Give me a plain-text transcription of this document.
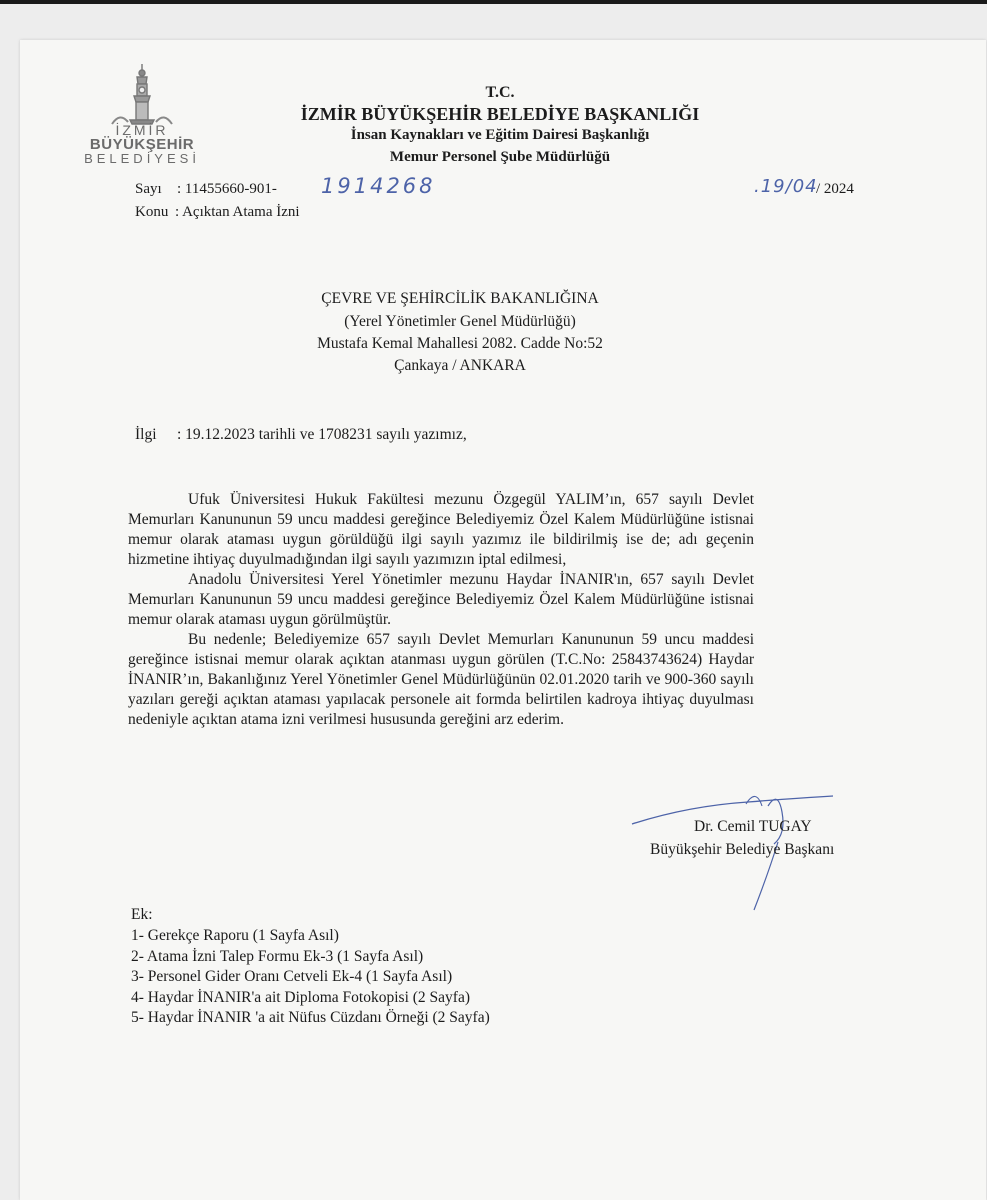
İZMİR
BÜYÜKŞEHİR
BELEDİYESİ
T.C.
İZMİR BÜYÜKŞEHİR BELEDİYE BAŞKANLIĞI
İnsan Kaynakları ve Eğitim Dairesi Başkanlığı
Memur Personel Şube Müdürlüğü
Sayı : 11455660-901- 1914268	.19/04
/ 2024
Konu : Açıktan Atama İzni
ÇEVRE VE ŞEHİRCİLİK BAKANLIĞINA
(Yerel Yönetimler Genel Müdürlüğü)
Mustafa Kemal Mahallesi 2082. Cadde No:52
Çankaya / ANKARA
İlgi : 19.12.2023 tarihli ve 1708231 sayılı yazımız,

Ufuk Üniversitesi Hukuk Fakültesi mezunu Özgegül YALIM’ın, 657 sayılı Devlet Memurları Kanununun 59 uncu maddesi gereğince Belediyemiz Özel Kalem Müdürlüğüne istisnai memur olarak ataması uygun görüldüğü ilgi sayılı yazımız ile bildirilmiş ise de; adı geçenin hizmetine ihtiyaç duyulmadığından ilgi sayılı yazımızın iptal edilmesi,

Anadolu Üniversitesi Yerel Yönetimler mezunu Haydar İNANIR'ın, 657 sayılı Devlet Memurları Kanununun 59 uncu maddesi gereğince Belediyemiz Özel Kalem Müdürlüğüne istisnai memur olarak ataması uygun görülmüştür.

Bu nedenle; Belediyemize 657 sayılı Devlet Memurları Kanununun 59 uncu maddesi gereğince istisnai memur olarak açıktan atanması uygun görülen (T.C.No: 25843743624) Haydar İNANIR’ın, Bakanlığınız Yerel Yönetimler Genel Müdürlüğünün 02.01.2020 tarih ve 900-360 sayılı yazıları gereği açıktan ataması yapılacak personele ait formda belirtilen kadroya ihtiyaç duyulması nedeniyle açıktan atama izni verilmesi hususunda gereğini arz ederim.

Dr. Cemil TUGAY
Büyükşehir Belediye Başkanı
Ek:
1- Gerekçe Raporu (1 Sayfa Asıl)
2- Atama İzni Talep Formu Ek-3 (1 Sayfa Asıl)
3- Personel Gider Oranı Cetveli Ek-4 (1 Sayfa Asıl)
4- Haydar İNANIR'a ait Diploma Fotokopisi (2 Sayfa)
5- Haydar İNANIR 'a ait Nüfus Cüzdanı Örneği (2 Sayfa)
